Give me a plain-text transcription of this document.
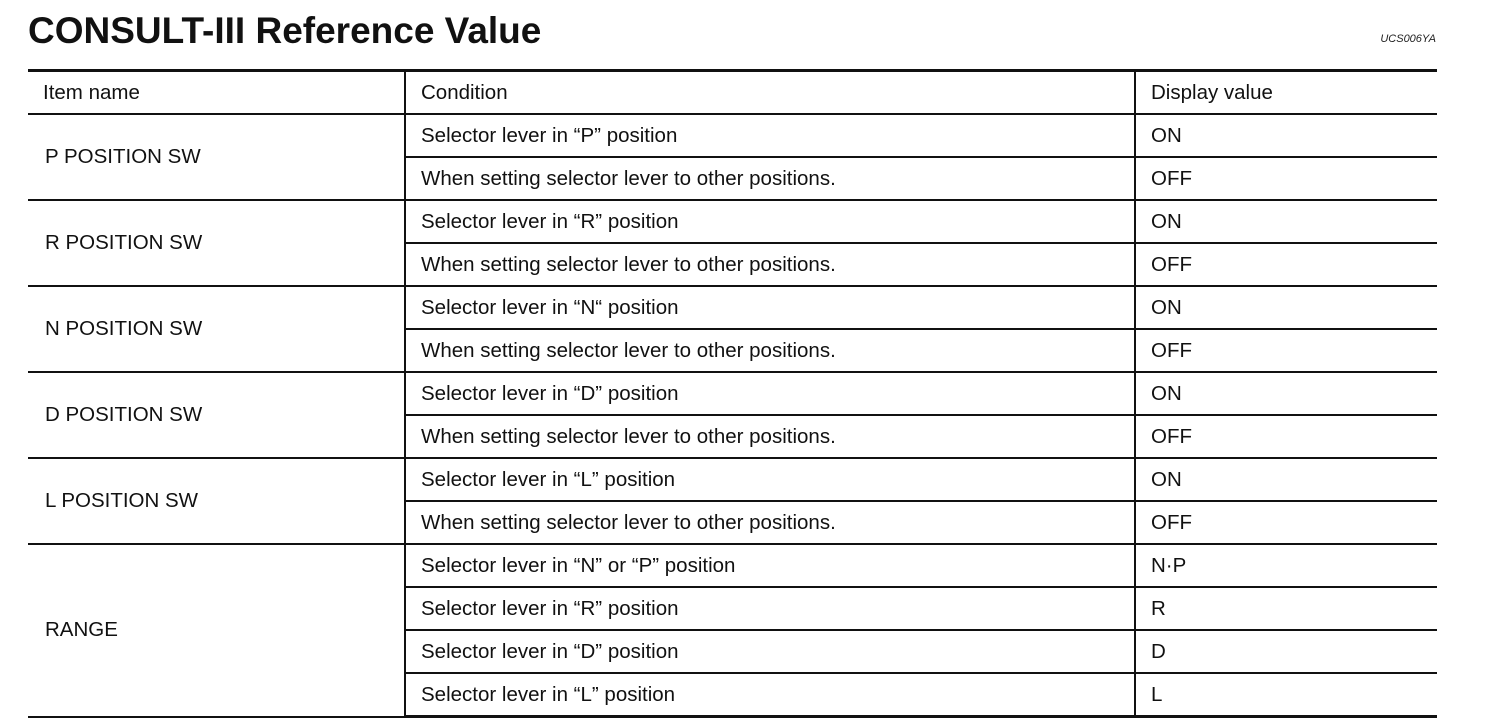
CONSULT-III Reference Value	UCS006YA
Item name	Condition	Display value
P POSITION SW	Selector lever in “P” position	ON
	When setting selector lever to other positions.	OFF
R POSITION SW	Selector lever in “R” position	ON
	When setting selector lever to other positions.	OFF
N POSITION SW	Selector lever in “N“ position	ON
	When setting selector lever to other positions.	OFF
D POSITION SW	Selector lever in “D” position	ON
	When setting selector lever to other positions.	OFF
L POSITION SW	Selector lever in “L” position	ON
	When setting selector lever to other positions.	OFF
RANGE	Selector lever in “N” or “P” position	N·P
	Selector lever in “R” position	R
	Selector lever in “D” position	D
	Selector lever in “L” position	L
